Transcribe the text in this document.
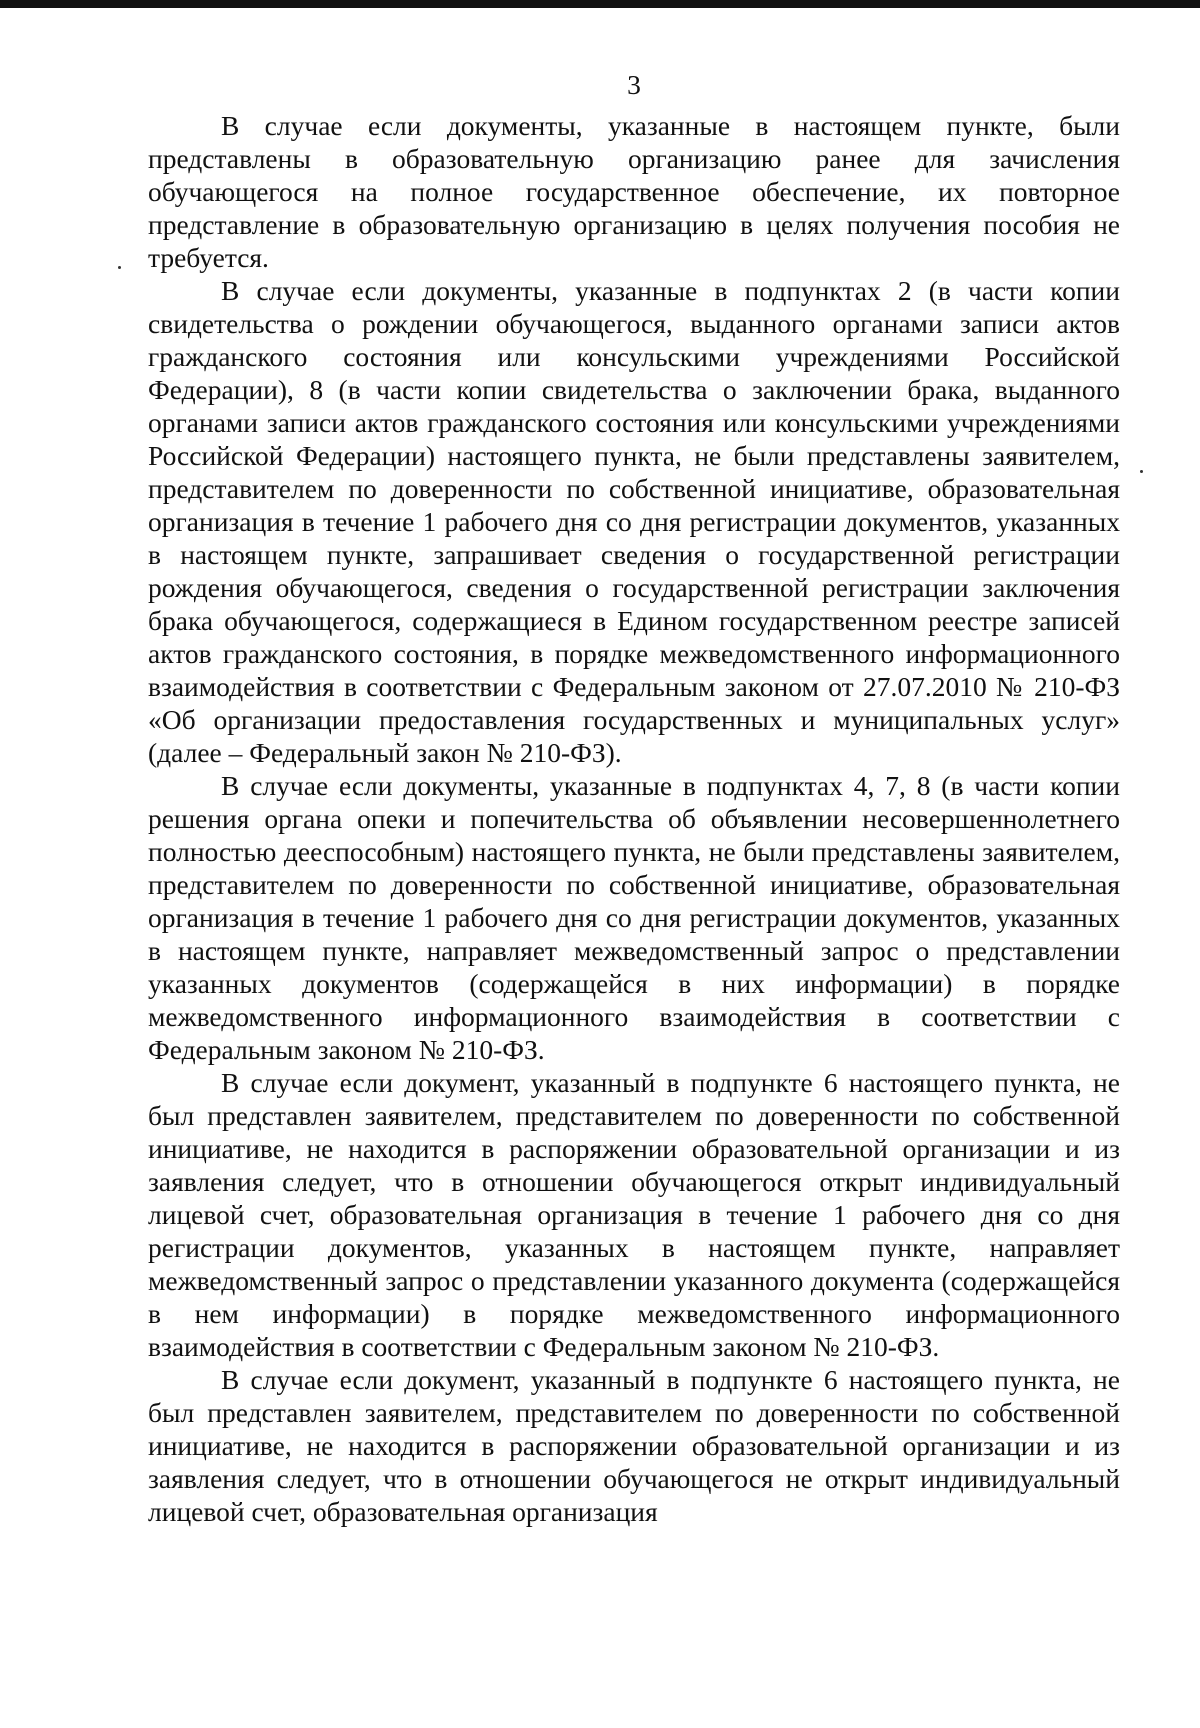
3

В случае если документы, указанные в настоящем пункте, были представлены в образовательную организацию ранее для зачисления обучающегося на полное государственное обеспечение, их повторное представление в образовательную организацию в целях получения пособия не требуется.

В случае если документы, указанные в подпунктах 2 (в части копии свидетельства о рождении обучающегося, выданного органами записи актов гражданского состояния или консульскими учреждениями Российской Федерации), 8 (в части копии свидетельства о заключении брака, выданного органами записи актов гражданского состояния или консульскими учреждениями Российской Федерации) настоящего пункта, не были представлены заявителем, представителем по доверенности по собственной инициативе, образовательная организация в течение 1 рабочего дня со дня регистрации документов, указанных в настоящем пункте, запрашивает сведения о государственной регистрации рождения обучающегося, сведения о государственной регистрации заключения брака обучающегося, содержащиеся в Едином государственном реестре записей актов гражданского состояния, в порядке межведомственного информационного взаимодействия в соответствии с Федеральным законом от 27.07.2010 № 210-ФЗ «Об организации предоставления государственных и муниципальных услуг» (далее – Федеральный закон № 210-ФЗ).

В случае если документы, указанные в подпунктах 4, 7, 8 (в части копии решения органа опеки и попечительства об объявлении несовершеннолетнего полностью дееспособным) настоящего пункта, не были представлены заявителем, представителем по доверенности по собственной инициативе, образовательная организация в течение 1 рабочего дня со дня регистрации документов, указанных в настоящем пункте, направляет межведомственный запрос о представлении указанных документов (содержащейся в них информации) в порядке межведомственного информационного взаимодействия в соответствии с Федеральным законом № 210-ФЗ.

В случае если документ, указанный в подпункте 6 настоящего пункта, не был представлен заявителем, представителем по доверенности по собственной инициативе, не находится в распоряжении образовательной организации и из заявления следует, что в отношении обучающегося открыт индивидуальный лицевой счет, образовательная организация в течение 1 рабочего дня со дня регистрации документов, указанных в настоящем пункте, направляет межведомственный запрос о представлении указанного документа (содержащейся в нем информации) в порядке межведомственного информационного взаимодействия в соответствии с Федеральным законом № 210-ФЗ.

В случае если документ, указанный в подпункте 6 настоящего пункта, не был представлен заявителем, представителем по доверенности по собственной инициативе, не находится в распоряжении образовательной организации и из заявления следует, что в отношении обучающегося не открыт индивидуальный лицевой счет, образовательная организация
